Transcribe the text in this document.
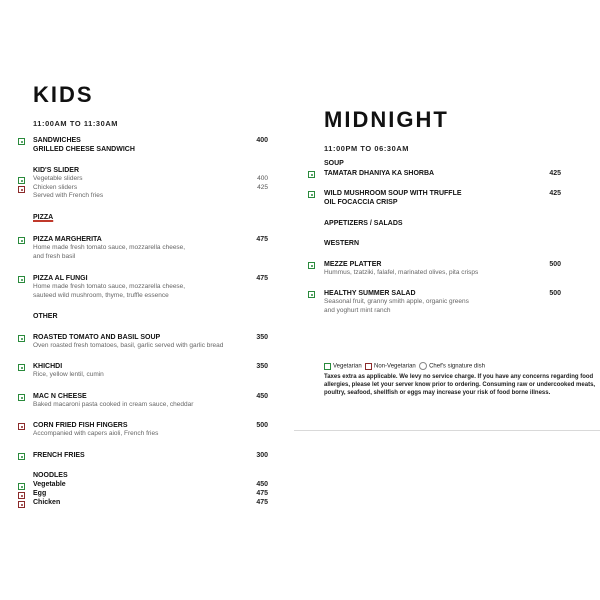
KIDS
11:00AM TO 11:30AM
SANDWICHES
GRILLED CHEESE SANDWICH
400
KID'S SLIDER
Vegetable sliders
Chicken sliders
Served with French fries
400
425
PIZZA
PIZZA MARGHERITA
Home made fresh tomato sauce, mozzarella cheese,
and fresh basil
475
PIZZA AL FUNGI
Home made fresh tomato sauce, mozzarella cheese,
sauteed wild mushroom, thyme, truffle essence
475
OTHER
ROASTED TOMATO AND BASIL SOUP
Oven roasted fresh tomatoes, basil, garlic served with garlic bread
350
KHICHDI
Rice, yellow lentil, cumin
350
MAC N CHEESE
Baked macaroni pasta cooked in cream sauce, cheddar
450
CORN FRIED FISH FINGERS
Accompanied with capers aioli, French fries
500
FRENCH FRIES	300
NOODLES
Vegetable
Egg
Chicken
450
475
475
MIDNIGHT
11:00PM TO 06:30AM
SOUP
TAMATAR DHANIYA KA SHORBA	425
WILD MUSHROOM SOUP WITH TRUFFLE
OIL FOCACCIA CRISP
425
APPETIZERS / SALADS
WESTERN
MEZZE PLATTER
Hummus, tzatziki, falafel, marinated olives, pita crisps
500
HEALTHY SUMMER SALAD
Seasonal fruit, granny smith apple, organic greens
and yoghurt mint ranch
500
Vegetarian Non-Vegetarian Chef's signature dish
Taxes extra as applicable. We levy no service charge. If you have any concerns regarding food allergies, please let your server know prior to ordering. Consuming raw or undercooked meats, poultry, seafood, shellfish or eggs may increase your risk of food borne illness.
